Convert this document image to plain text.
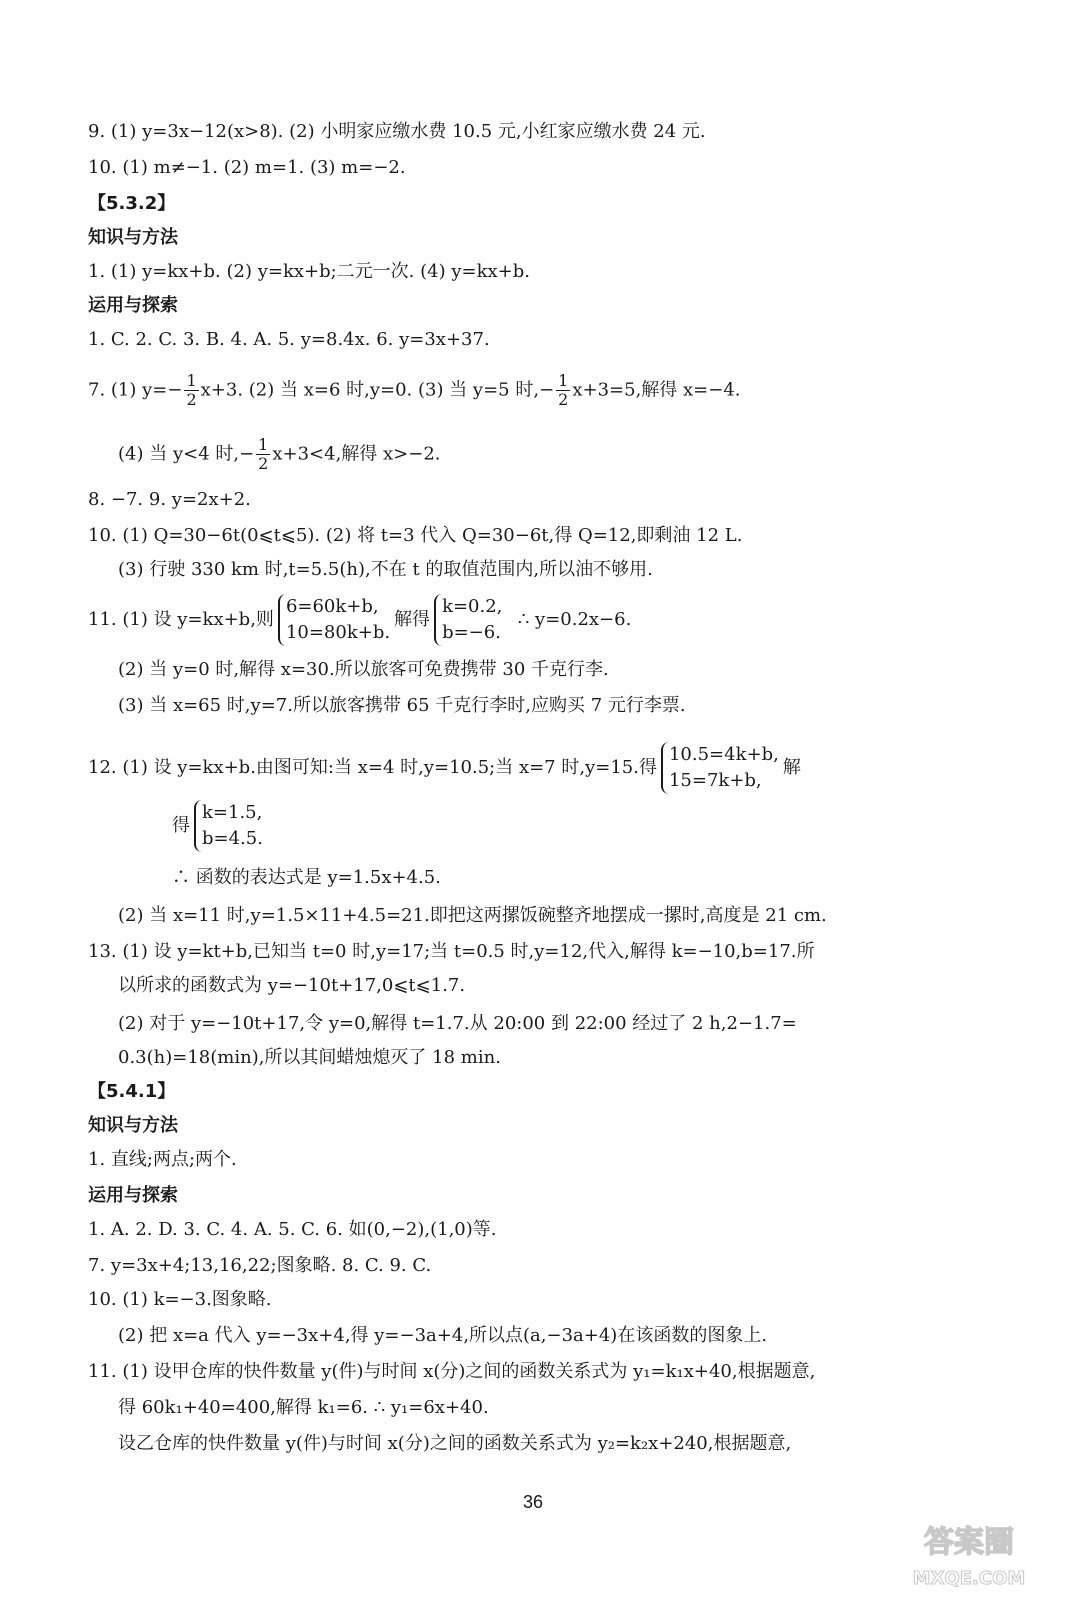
9. (1) y=3x−12(x>8). (2) 小明家应缴水费 10.5 元,小红家应缴水费 24 元.
10. (1) m≠−1. (2) m=1. (3) m=−2.
【5.3.2】
知识与方法
1. (1) y=kx+b. (2) y=kx+b;二元一次. (4) y=kx+b.
运用与探索
1. C. 2. C. 3. B. 4. A. 5. y=8.4x. 6. y=3x+37.
7. (1) $y=- \frac{1}{2} x+3$. (2) 当 x=6 时,y=0. (3) 当 y=5 时,− $\frac{1}{2} x+3=5$,解得 x=−4.
(4) 当 y<4 时,− $\frac{1}{2} x+3<4$,解得 x>−2.
8. −7. 9. y=2x+2.
10. (1) Q=30−6t(0⩽t⩽5). (2) 将 t=3 代入 Q=30−6t,得 Q=12,即剩油 12 L.
(3) 行驶 330 km 时,t=5.5(h),不在 t 的取值范围内,所以油不够用.
11. (1) 设 y=kx+b,则
6=60k+b,
10=80k+b.
解得
k=0.2,
b=−6.
∴ y=0.2x−6.
(2) 当 y=0 时,解得 x=30.所以旅客可免费携带 30 千克行李.
(3) 当 x=65 时,y=7.所以旅客携带 65 千克行李时,应购买 7 元行李票.
12. (1) 设 y=kx+b.由图可知:当 x=4 时,y=10.5;当 x=7 时,y=15.得
10.5=4k+b,
15=7k+b,
解
得
k=1.5,
b=4.5.
∴ 函数的表达式是 y=1.5x+4.5.
(2) 当 x=11 时,y=1.5×11+4.5=21.即把这两摞饭碗整齐地摆成一摞时,高度是 21 cm.
13. (1) 设 y=kt+b,已知当 t=0 时,y=17;当 t=0.5 时,y=12,代入,解得 k=−10,b=17.所
以所求的函数式为 y=−10t+17,0⩽t⩽1.7.
(2) 对于 y=−10t+17,令 y=0,解得 t=1.7.从 20:00 到 22:00 经过了 2 h,2−1.7=
0.3(h)=18(min),所以其间蜡烛熄灭了 18 min.
【5.4.1】
知识与方法
1. 直线;两点;两个.
运用与探索
1. A. 2. D. 3. C. 4. A. 5. C. 6. 如(0,−2),(1,0)等.
7. y=3x+4;13,16,22;图象略. 8. C. 9. C.
10. (1) k=−3.图象略.
(2) 把 x=a 代入 y=−3x+4,得 y=−3a+4,所以点(a,−3a+4)在该函数的图象上.
11. (1) 设甲仓库的快件数量 y(件)与时间 x(分)之间的函数关系式为 y₁=k₁x+40,根据题意,
得 60k₁+40=400,解得 k₁=6. ∴ y₁=6x+40.
设乙仓库的快件数量 y(件)与时间 x(分)之间的函数关系式为 y₂=k₂x+240,根据题意,
36
答案圈
MXQE.COM
